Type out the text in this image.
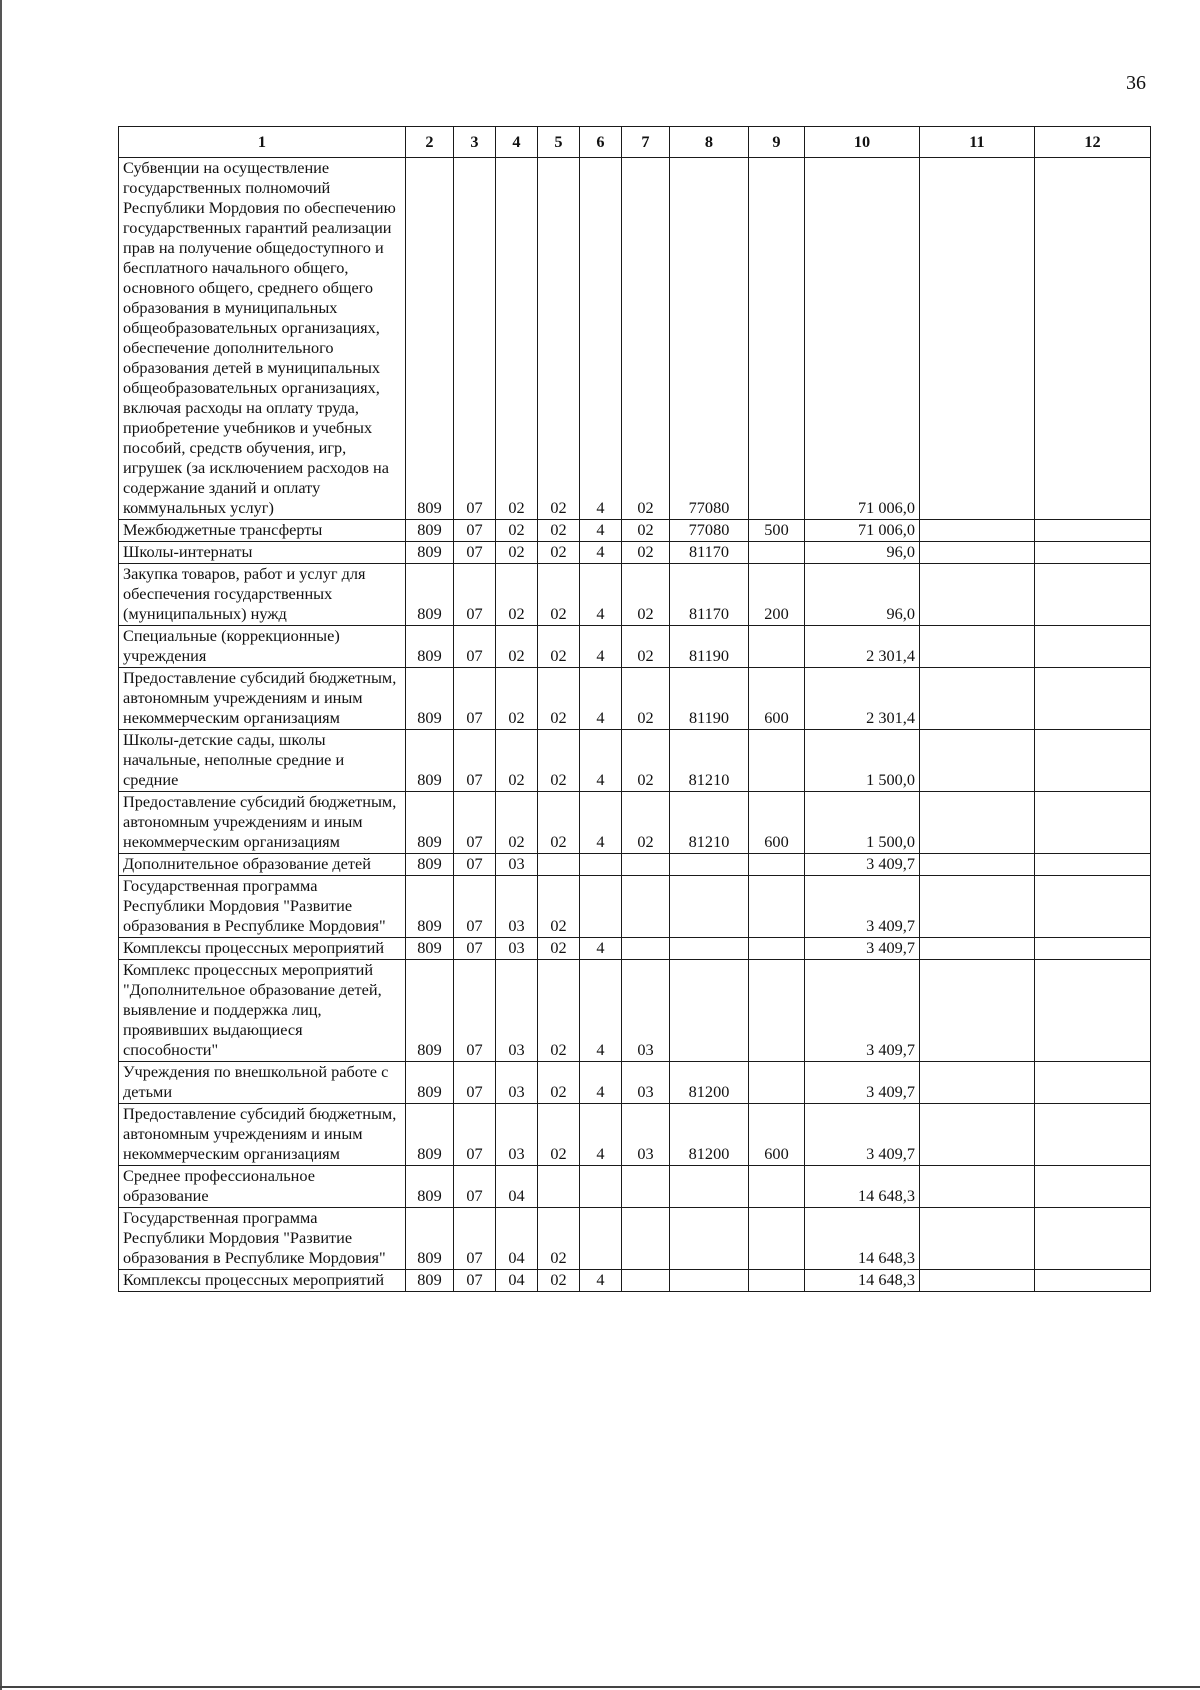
36
1	2	3	4	5	6	7	8	9	10	11	12
Субвенции на осуществление государственных полномочий Республики Мордовия по обеспечению государственных гарантий реализации прав на получение общедоступного и бесплатного начального общего, основного общего, среднего общего образования в муниципальных общеобразовательных организациях, обеспечение дополнительного образования детей в муниципальных общеобразовательных организациях, включая расходы на оплату труда, приобретение учебников и учебных пособий, средств обучения, игр, игрушек (за исключением расходов на содержание зданий и оплату коммунальных услуг)	809	07	02	02	4	02	77080		71 006,0		
Межбюджетные трансферты	809	07	02	02	4	02	77080	500	71 006,0		
Школы-интернаты	809	07	02	02	4	02	81170		96,0		
Закупка товаров, работ и услуг для обеспечения государственных (муниципальных) нужд	809	07	02	02	4	02	81170	200	96,0		
Специальные (коррекционные) учреждения	809	07	02	02	4	02	81190		2 301,4		
Предоставление субсидий бюджетным, автономным учреждениям и иным некоммерческим организациям	809	07	02	02	4	02	81190	600	2 301,4		
Школы-детские сады, школы начальные, неполные средние и средние	809	07	02	02	4	02	81210		1 500,0		
Предоставление субсидий бюджетным, автономным учреждениям и иным некоммерческим организациям	809	07	02	02	4	02	81210	600	1 500,0		
Дополнительное образование детей	809	07	03						3 409,7		
Государственная программа Республики Мордовия "Развитие образования в Республике Мордовия"	809	07	03	02					3 409,7		
Комплексы процессных мероприятий	809	07	03	02	4				3 409,7		
Комплекс процессных мероприятий "Дополнительное образование детей, выявление и поддержка лиц, проявивших выдающиеся способности"	809	07	03	02	4	03			3 409,7		
Учреждения по внешкольной работе с детьми	809	07	03	02	4	03	81200		3 409,7		
Предоставление субсидий бюджетным, автономным учреждениям и иным некоммерческим организациям	809	07	03	02	4	03	81200	600	3 409,7		
Среднее профессиональное образование	809	07	04						14 648,3		
Государственная программа Республики Мордовия "Развитие образования в Республике Мордовия"	809	07	04	02					14 648,3		
Комплексы процессных мероприятий	809	07	04	02	4				14 648,3		
